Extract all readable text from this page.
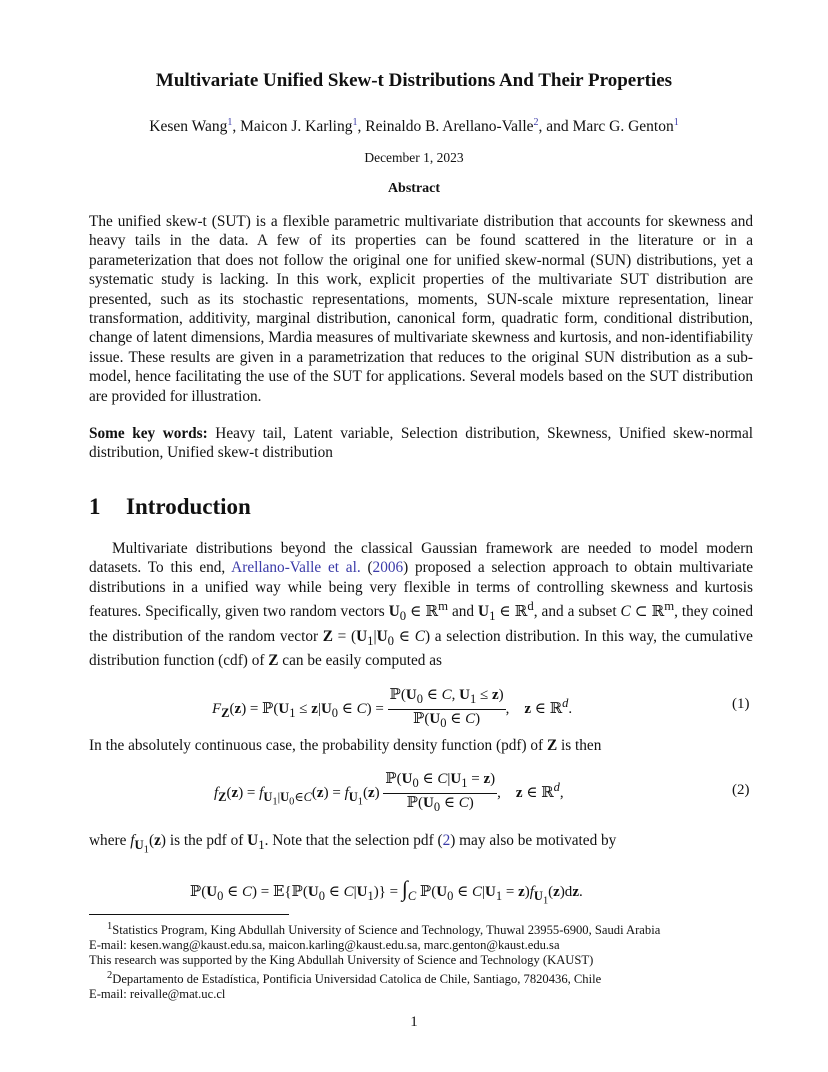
Multivariate Unified Skew-t Distributions And Their Properties
Kesen Wang$^1$, Maicon J. Karling$^1$, Reinaldo B. Arellano-Valle$^2$, and Marc G. Genton$^1$
December 1, 2023
Abstract
The unified skew-t (SUT) is a flexible parametric multivariate distribution that accounts for skewness and heavy tails in the data. A few of its properties can be found scattered in the literature or in a parameterization that does not follow the original one for unified skew-normal (SUN) distributions, yet a systematic study is lacking. In this work, explicit properties of the multivariate SUT distribution are presented, such as its stochastic representations, moments, SUN-scale mixture representation, linear transformation, additivity, marginal distribution, canonical form, quadratic form, conditional distribution, change of latent dimensions, Mardia measures of multivariate skewness and kurtosis, and non-identifiability issue. These results are given in a parametrization that reduces to the original SUN distribution as a sub-model, hence facilitating the use of the SUT for applications. Several models based on the SUT distribution are provided for illustration.
Some key words: Heavy tail, Latent variable, Selection distribution, Skewness, Unified skew-normal distribution, Unified skew-t distribution
1 Introduction
Multivariate distributions beyond the classical Gaussian framework are needed to model modern datasets. To this end, Arellano-Valle et al. (2006) proposed a selection approach to obtain multivariate distributions in a unified way while being very flexible in terms of controlling skewness and kurtosis features. Specifically, given two random vectors $U_0$ ∈ ℝ$^m$ and $U_1$ ∈ ℝ$^d$, and a subset C ⊂ ℝ$^m$, they coined the distribution of the random vector $Z = (U_1|U_0$ ∈ C) a selection distribution. In this way, the cumulative distribution function (cdf) of Z can be easily computed as
$F_Z(z)$ = $ℙ(U_1 \le z|U_0$ ∈ $C) = \frac{ℙ(U_0 \in C, U_1 \le z)}{ℙ(U_0 \in C)}$ ,    z ∈ ℝ$^d$.	(1)
In the absolutely continuous case, the probability density function (pdf) of Z is then
$f_Z(z) = f_{U_1|U_0\in C}(z) = f_{U_1}(z) \frac{ℙ(U_0 \in C|U_1 = z)}{ℙ(U_0 \in C)}$ ,    z ∈ ℝ$^d$,	(2)
where $f_{U_1}(z)$ is the pdf of $U_1$. Note that the selection pdf (2) may also be motivated by
$ℙ(U_0$ ∈ $C) = 𝔼\{ℙ(U_0$ ∈ $C|U_1)\} = \int_C$ $ℙ(U_0$ ∈ $C|U_1 = z)f_{U_1}(z)dz$.
$^1$Statistics Program, King Abdullah University of Science and Technology, Thuwal 23955-6900, Saudi Arabia
E-mail: kesen.wang@kaust.edu.sa, maicon.karling@kaust.edu.sa, marc.genton@kaust.edu.sa
This research was supported by the King Abdullah University of Science and Technology (KAUST)
$^2$Departamento de Estadística, Pontificia Universidad Catolica de Chile, Santiago, 7820436, Chile
E-mail: reivalle@mat.uc.cl
1
